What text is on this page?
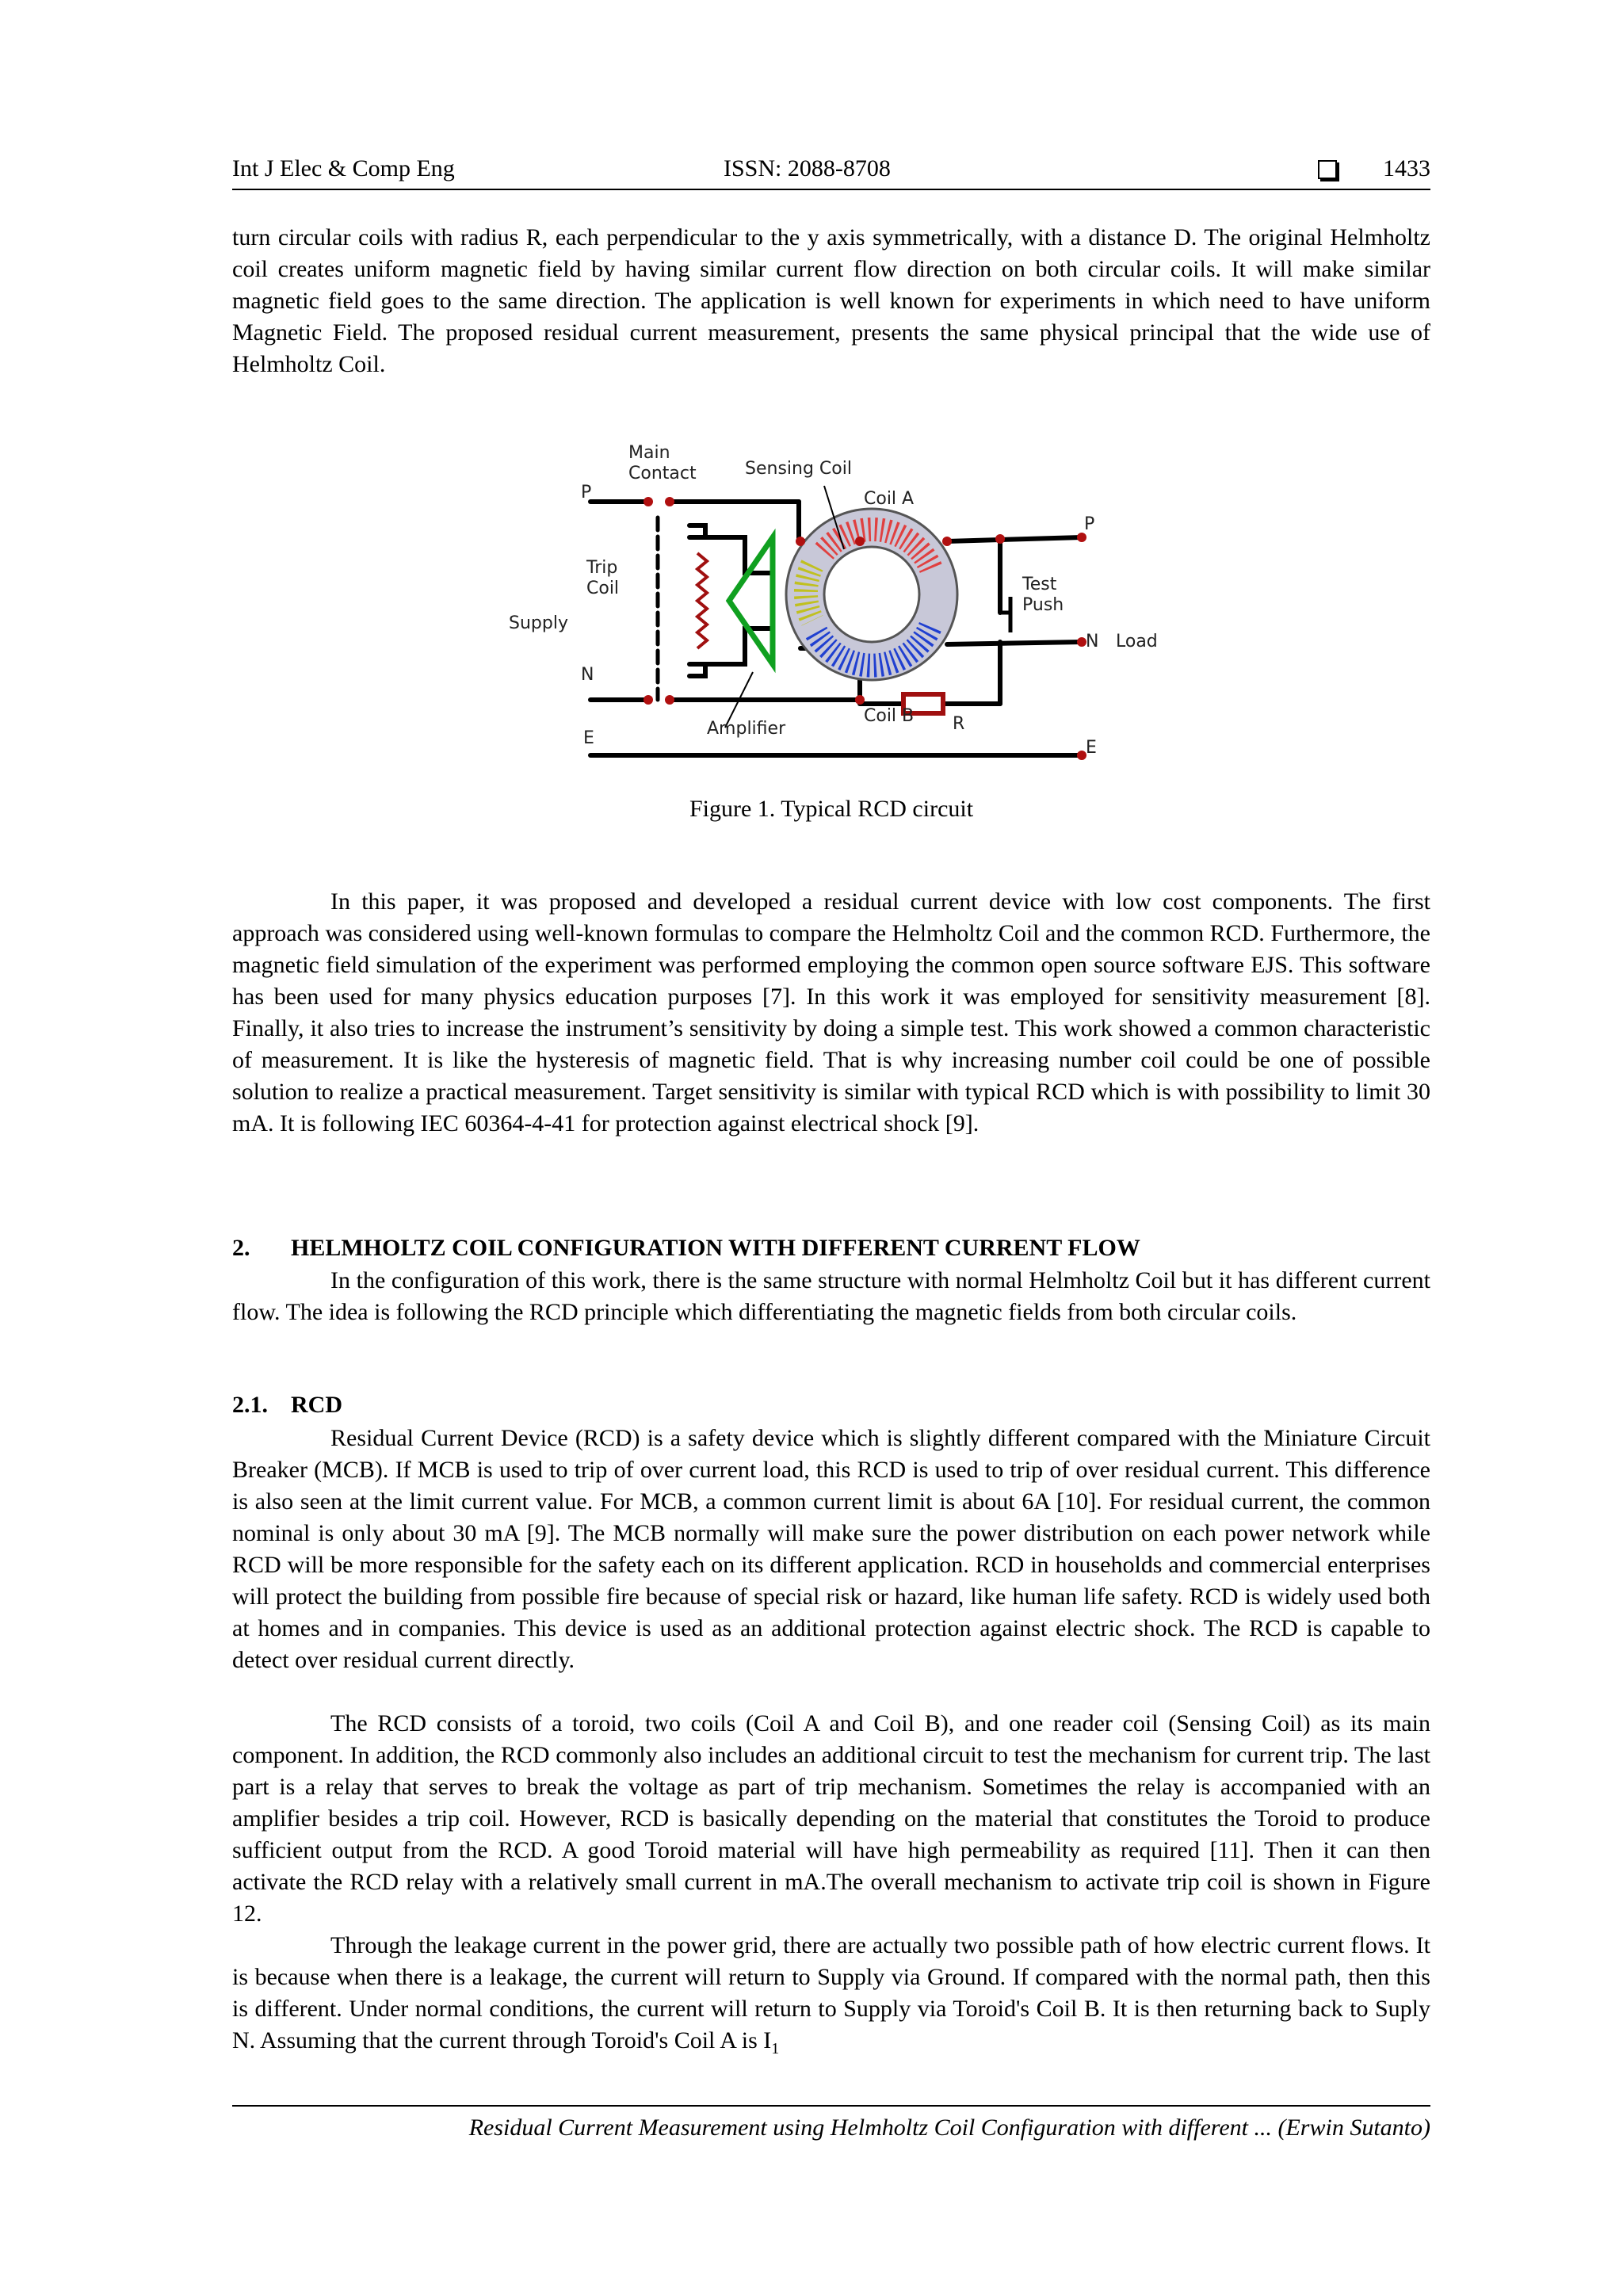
Int J Elec & Comp Eng	ISSN: 2088-8708	1433

turn circular coils with radius R, each perpendicular to the y axis symmetrically, with a distance D. The original Helmholtz coil creates uniform magnetic field by having similar current flow direction on both circular coils. It will make similar magnetic field goes to the same direction. The application is well known for experiments in which need to have uniform Magnetic Field. The proposed residual current measurement, presents the same physical principal that the wide use of Helmholtz Coil.

Main
Contact	Sensing Coil
Coil A
P
P
Trip
Coil
Supply
Test
Push
N
N Load
E	E
Amplifier
Coil B R
Figure 1. Typical RCD circuit

In this paper, it was proposed and developed a residual current device with low cost components. The first approach was considered using well-known formulas to compare the Helmholtz Coil and the common RCD. Furthermore, the magnetic field simulation of the experiment was performed employing the common open source software EJS. This software has been used for many physics education purposes [7]. In this work it was employed for sensitivity measurement [8]. Finally, it also tries to increase the instrument’s sensitivity by doing a simple test. This work showed a common characteristic of measurement. It is like the hysteresis of magnetic field. That is why increasing number coil could be one of possible solution to realize a practical measurement. Target sensitivity is similar with typical RCD which is with possibility to limit 30 mA. It is following IEC 60364-4-41 for protection against electrical shock [9].

2. HELMHOLTZ COIL CONFIGURATION WITH DIFFERENT CURRENT FLOW

In the configuration of this work, there is the same structure with normal Helmholtz Coil but it has different current flow. The idea is following the RCD principle which differentiating the magnetic fields from both circular coils.

2.1. RCD

Residual Current Device (RCD) is a safety device which is slightly different compared with the Miniature Circuit Breaker (MCB). If MCB is used to trip of over current load, this RCD is used to trip of over residual current. This difference is also seen at the limit current value. For MCB, a common current limit is about 6A [10]. For residual current, the common nominal is only about 30 mA [9]. The MCB normally will make sure the power distribution on each power network while RCD will be more responsible for the safety each on its different application. RCD in households and commercial enterprises will protect the building from possible fire because of special risk or hazard, like human life safety. RCD is widely used both at homes and in companies. This device is used as an additional protection against electric shock. The RCD is capable to detect over residual current directly.

The RCD consists of a toroid, two coils (Coil A and Coil B), and one reader coil (Sensing Coil) as its main component. In addition, the RCD commonly also includes an additional circuit to test the mechanism for current trip. The last part is a relay that serves to break the voltage as part of trip mechanism. Sometimes the relay is accompanied with an amplifier besides a trip coil. However, RCD is basically depending on the material that constitutes the Toroid to produce sufficient output from the RCD. A good Toroid material will have high permeability as required [11]. Then it can then activate the RCD relay with a relatively small current in mA.The overall mechanism to activate trip coil is shown in Figure 12.

Through the leakage current in the power grid, there are actually two possible path of how electric current flows. It is because when there is a leakage, the current will return to Supply via Ground. If compared with the normal path, then this is different. Under normal conditions, the current will return to Supply via Toroid's Coil B. It is then returning back to Suply N. Assuming that the current through Toroid's Coil A is $I_1$

Residual Current Measurement using Helmholtz Coil Configuration with different ... (Erwin Sutanto)
